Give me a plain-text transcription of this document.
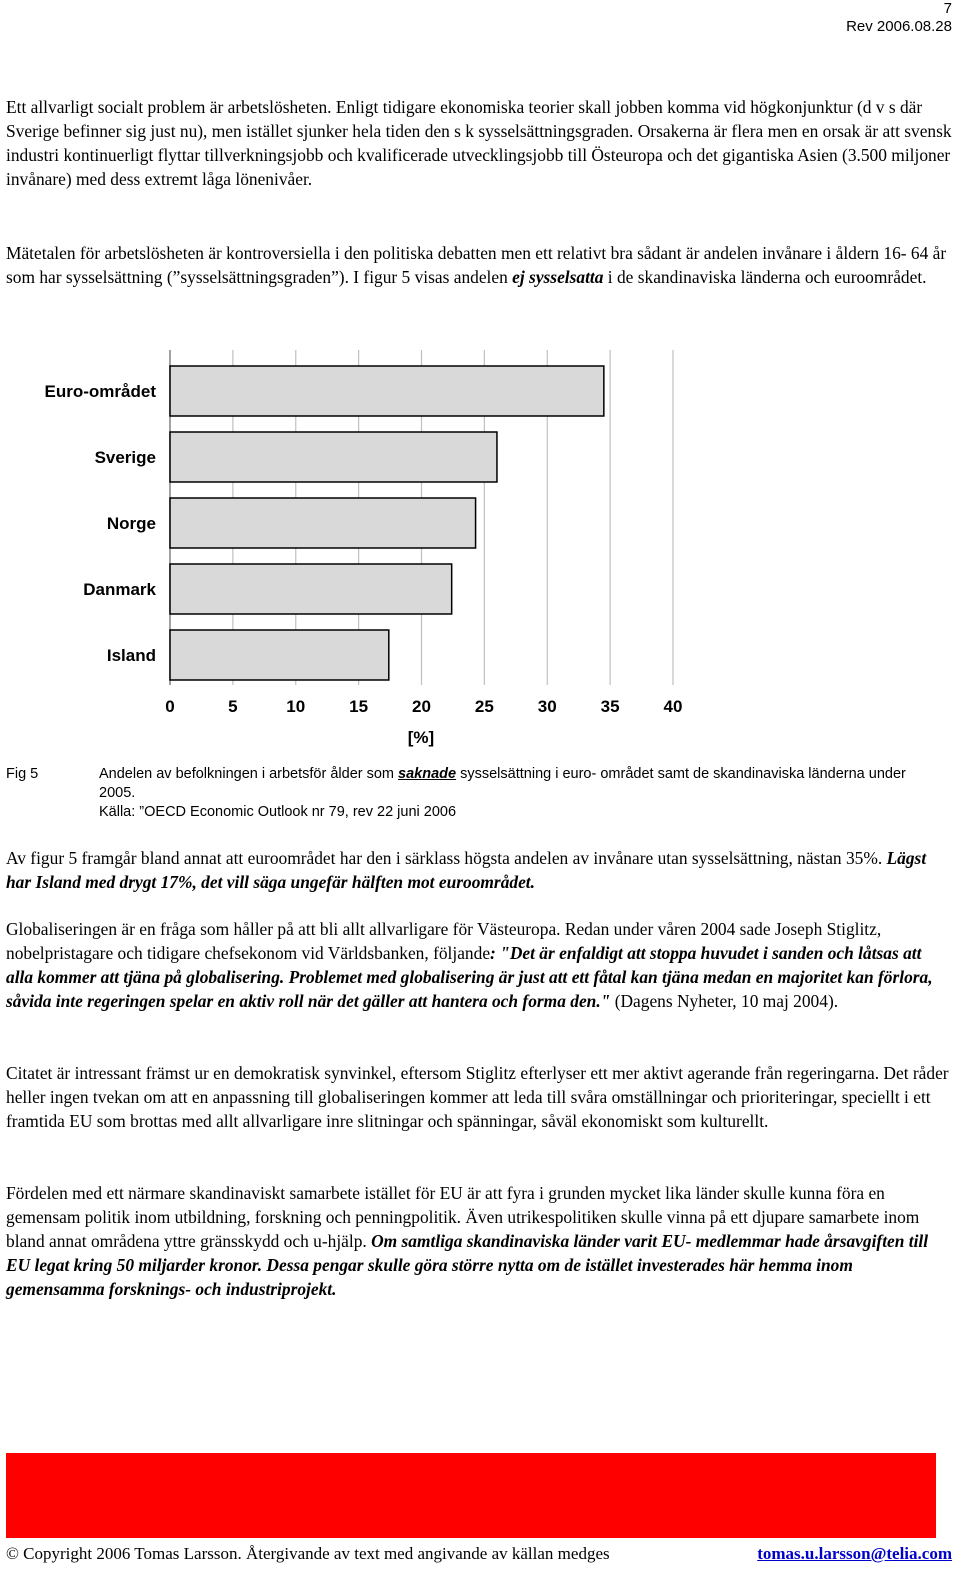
7
Rev 2006.08.28

Ett allvarligt socialt problem är arbetslösheten. Enligt tidigare ekonomiska teorier skall jobben komma vid högkonjunktur (d v s där Sverige befinner sig just nu), men istället sjunker hela tiden den s k sysselsättningsgraden. Orsakerna är flera men en orsak är att svensk industri kontinuerligt flyttar tillverkningsjobb och kvalificerade utvecklingsjobb till Östeuropa och det gigantiska Asien (3.500 miljoner invånare) med dess extremt låga lönenivåer.

Mätetalen för arbetslösheten är kontroversiella i den politiska debatten men ett relativt bra sådant är andelen invånare i åldern 16- 64 år som har sysselsättning (”sysselsättningsgraden”). I figur 5 visas andelen ej sysselsatta i de skandinaviska länderna och euroområdet.

Euro-området
Sverige
Norge
Danmark
Island
0	5	10	15	20	25	30	35	40
[%]
Fig 5	Andelen av befolkningen i arbetsför ålder som saknade sysselsättning i euro- området samt de skandinaviska länderna under 2005.
Källa: ”OECD Economic Outlook nr 79, rev 22 juni 2006

Av figur 5 framgår bland annat att euroområdet har den i särklass högsta andelen av invånare utan sysselsättning, nästan 35%. Lägst har Island med drygt 17%, det vill säga ungefär hälften mot euroområdet.

Globaliseringen är en fråga som håller på att bli allt allvarligare för Västeuropa. Redan under våren 2004 sade Joseph Stiglitz, nobelpristagare och tidigare chefsekonom vid Världsbanken, följande: "Det är enfaldigt att stoppa huvudet i sanden och låtsas att alla kommer att tjäna på globalisering. Problemet med globalisering är just att ett fåtal kan tjäna medan en majoritet kan förlora, såvida inte regeringen spelar en aktiv roll när det gäller att hantera och forma den." (Dagens Nyheter, 10 maj 2004).

Citatet är intressant främst ur en demokratisk synvinkel, eftersom Stiglitz efterlyser ett mer aktivt agerande från regeringarna. Det råder heller ingen tvekan om att en anpassning till globaliseringen kommer att leda till svåra omställningar och prioriteringar, speciellt i ett framtida EU som brottas med allt allvarligare inre slitningar och spänningar, såväl ekonomiskt som kulturellt.

Fördelen med ett närmare skandinaviskt samarbete istället för EU är att fyra i grunden mycket lika länder skulle kunna föra en gemensam politik inom utbildning, forskning och penningpolitik. Även utrikespolitiken skulle vinna på ett djupare samarbete inom bland annat områdena yttre gränsskydd och u-hjälp. Om samtliga skandinaviska länder varit EU- medlemmar hade årsavgiften till EU legat kring 50 miljarder kronor. Dessa pengar skulle göra större nytta om de istället investerades här hemma inom gemensamma forsknings- och industriprojekt.

© Copyright 2006 Tomas Larsson. Återgivande av text med angivande av källan medges	tomas.u.larsson@telia.com
